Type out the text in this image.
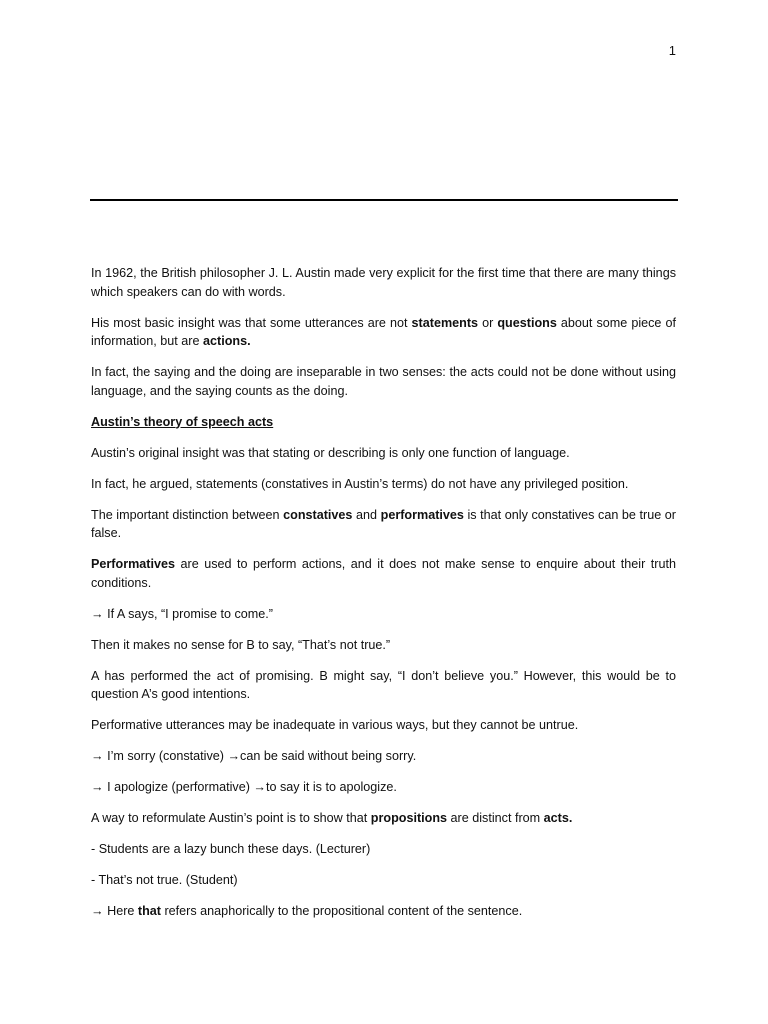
1

In 1962, the British philosopher J. L. Austin made very explicit for the first time that there are many things which speakers can do with words.

His most basic insight was that some utterances are not statements or questions about some piece of information, but are actions.

In fact, the saying and the doing are inseparable in two senses: the acts could not be done without using language, and the saying counts as the doing.

Austin’s theory of speech acts

Austin’s original insight was that stating or describing is only one function of language.

In fact, he argued, statements (constatives in Austin’s terms) do not have any privileged position.

The important distinction between constatives and performatives is that only constatives can be true or false.

Performatives are used to perform actions, and it does not make sense to enquire about their truth conditions.

→ If A says, “I promise to come.”

Then it makes no sense for B to say, “That’s not true.”

A has performed the act of promising. B might say, “I don’t believe you.” However, this would be to question A’s good intentions.

Performative utterances may be inadequate in various ways, but they cannot be untrue.

→ I’m sorry (constative) →can be said without being sorry.

→ I apologize (performative) →to say it is to apologize.

A way to reformulate Austin’s point is to show that propositions are distinct from acts.

- Students are a lazy bunch these days. (Lecturer)

- That’s not true. (Student)

→ Here that refers anaphorically to the propositional content of the sentence.
